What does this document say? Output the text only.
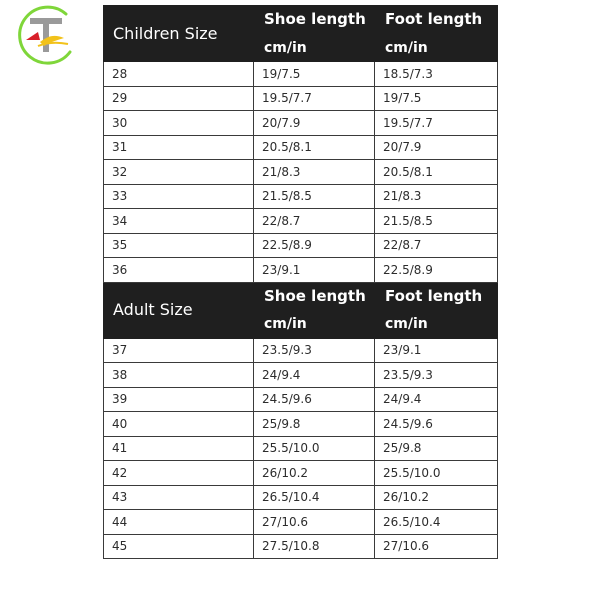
Children Size	Shoe length	Foot length
	cm/in	cm/in
28	19/7.5	18.5/7.3
29	19.5/7.7	19/7.5
30	20/7.9	19.5/7.7
31	20.5/8.1	20/7.9
32	21/8.3	20.5/8.1
33	21.5/8.5	21/8.3
34	22/8.7	21.5/8.5
35	22.5/8.9	22/8.7
36	23/9.1	22.5/8.9
Adult Size	Shoe length	Foot length
	cm/in	cm/in
37	23.5/9.3	23/9.1
38	24/9.4	23.5/9.3
39	24.5/9.6	24/9.4
40	25/9.8	24.5/9.6
41	25.5/10.0	25/9.8
42	26/10.2	25.5/10.0
43	26.5/10.4	26/10.2
44	27/10.6	26.5/10.4
45	27.5/10.8	27/10.6
